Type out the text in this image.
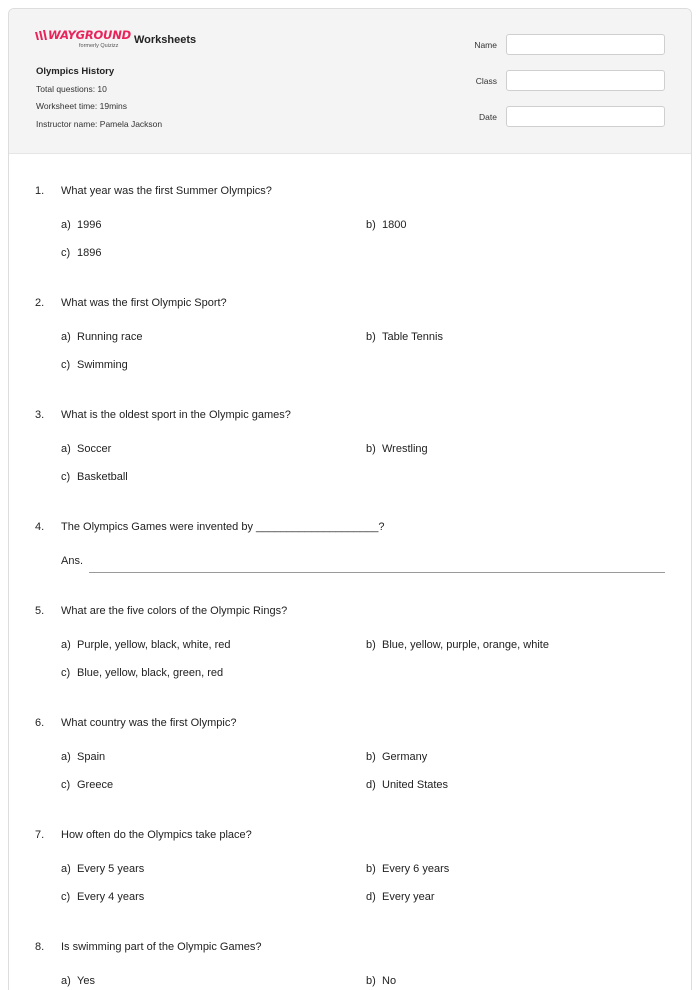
WAYGROUND
formerly Quizizz Worksheets
Olympics History
Total questions: 10
Worksheet time: 19mins
Instructor name: Pamela Jackson
Name
Class
Date
1. What year was the first Summer Olympics?
a) 1996	b) 1800
c) 1896
2. What was the first Olympic Sport?
a) Running race	b) Table Tennis
c) Swimming
3. What is the oldest sport in the Olympic games?
a) Soccer	b) Wrestling
c) Basketball
4. The Olympics Games were invented by ____________________?
Ans.
5. What are the five colors of the Olympic Rings?
a) Purple, yellow, black, white, red	b) Blue, yellow, purple, orange, white
c) Blue, yellow, black, green, red
6. What country was the first Olympic?
a) Spain	b) Germany
c) Greece	d) United States
7. How often do the Olympics take place?
a) Every 5 years	b) Every 6 years
c) Every 4 years	d) Every year
8. Is swimming part of the Olympic Games?
a) Yes	b) No
